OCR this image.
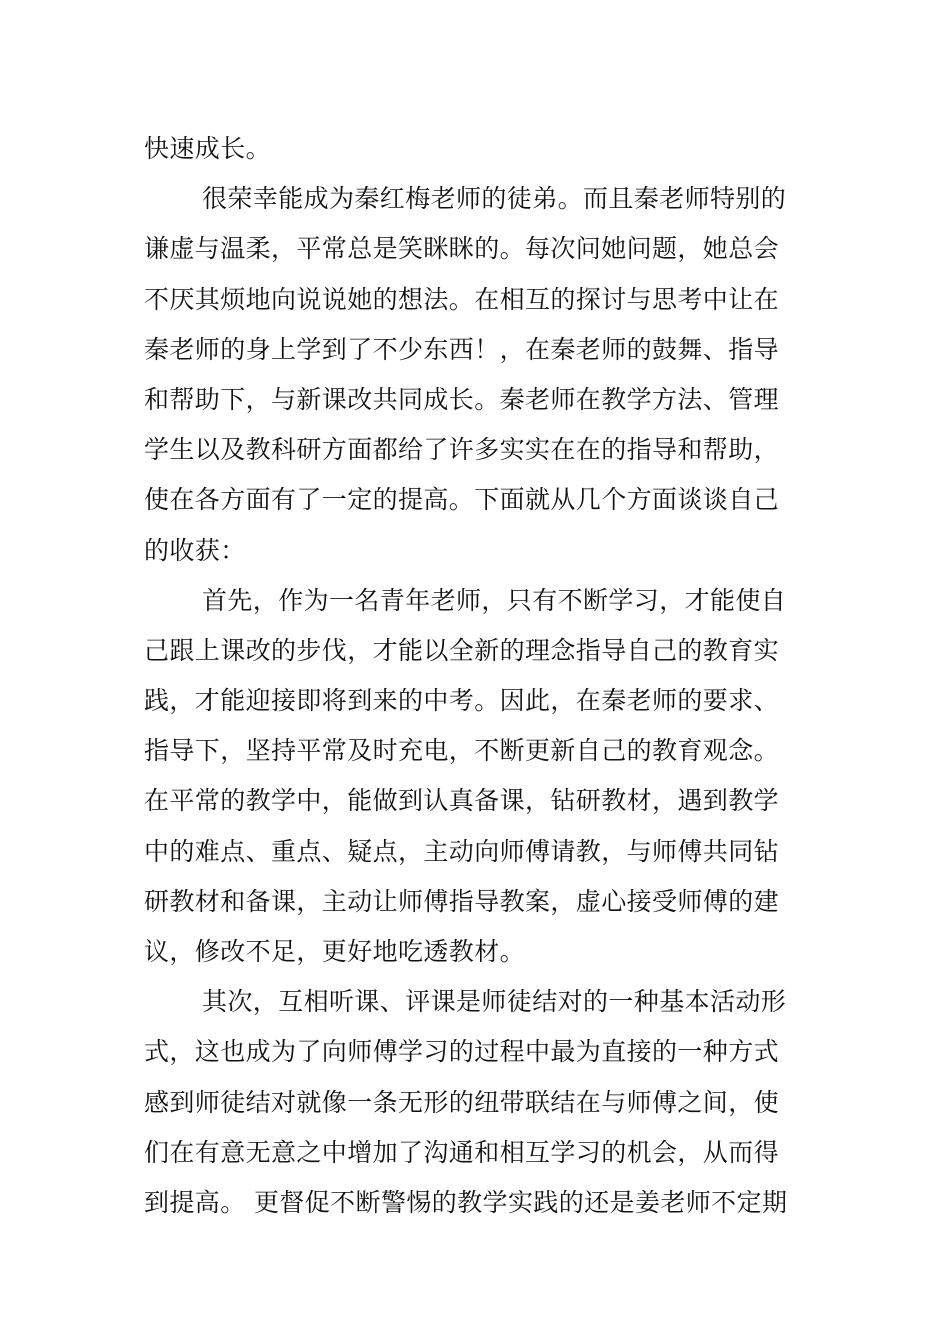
快速成长。
很荣幸能成为秦红梅老师的徒弟。而且秦老师特别的
谦虚与温柔，平常总是笑眯眯的。每次问她问题，她总会
不厌其烦地向说说她的想法。在相互的探讨与思考中让在
秦老师的身上学到了不少东西！，在秦老师的鼓舞、指导
和帮助下，与新课改共同成长。秦老师在教学方法、管理
学生以及教科研方面都给了许多实实在在的指导和帮助，
使在各方面有了一定的提高。下面就从几个方面谈谈自己
的收获：
首先，作为一名青年老师，只有不断学习，才能使自
己跟上课改的步伐，才能以全新的理念指导自己的教育实
践，才能迎接即将到来的中考。因此，在秦老师的要求、
指导下，坚持平常及时充电，不断更新自己的教育观念。
在平常的教学中，能做到认真备课，钻研教材，遇到教学
中的难点、重点、疑点，主动向师傅请教，与师傅共同钻
研教材和备课，主动让师傅指导教案，虚心接受师傅的建
议，修改不足，更好地吃透教材。
其次，互相听课、评课是师徒结对的一种基本活动形
式，这也成为了向师傅学习的过程中最为直接的一种方式
感到师徒结对就像一条无形的纽带联结在与师傅之间，使
们在有意无意之中增加了沟通和相互学习的机会，从而得
到提高。 更督促不断警惕的教学实践的还是姜老师不定期
